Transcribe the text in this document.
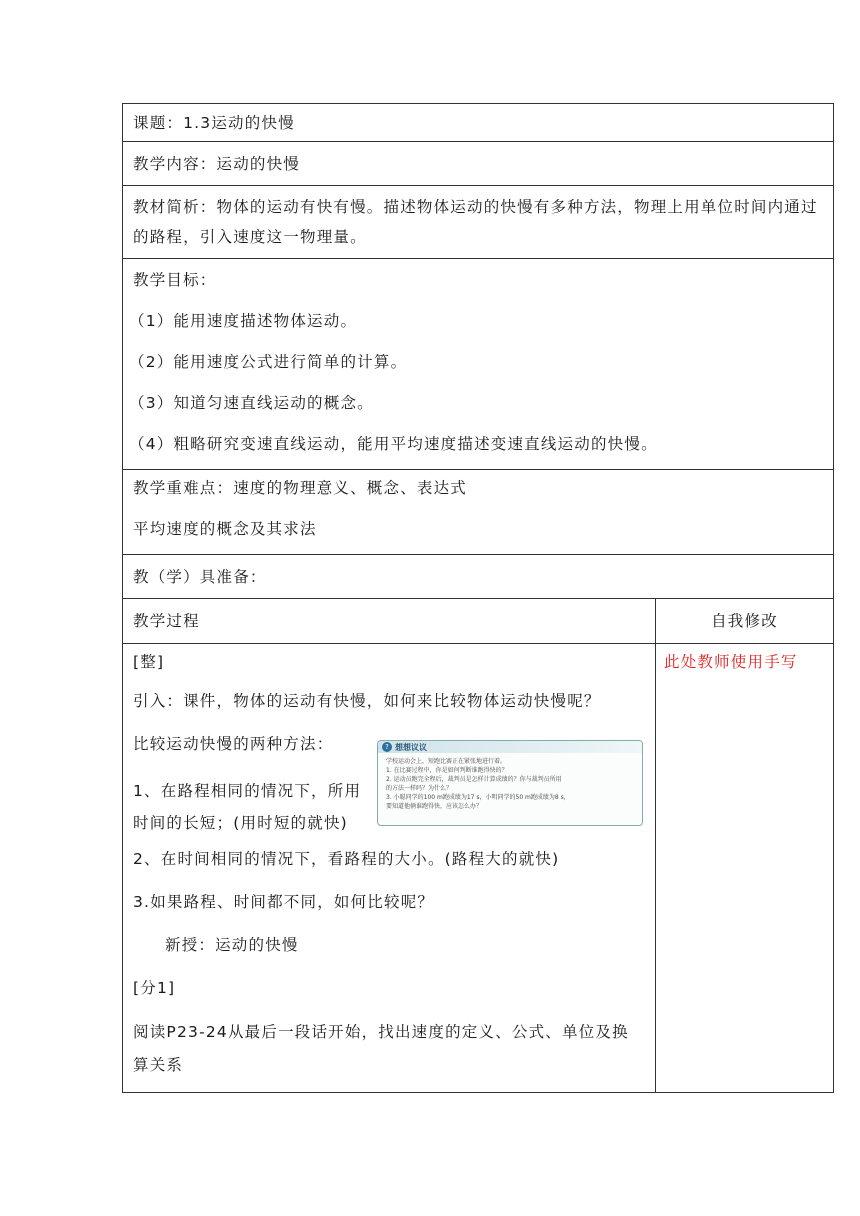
课题：1.3运动的快慢
教学内容：运动的快慢
教材简析：物体的运动有快有慢。描述物体运动的快慢有多种方法，物理上用单位时间内通过的路程，引入速度这一物理量。
教学目标：
（1）能用速度描述物体运动。
（2）能用速度公式进行简单的计算。
（3）知道匀速直线运动的概念。
（4）粗略研究变速直线运动，能用平均速度描述变速直线运动的快慢。
教学重难点：速度的物理意义、概念、表达式
平均速度的概念及其求法
教（学）具准备：
教学过程	自我修改
[整]
引入：课件，物体的运动有快慢，如何来比较物体运动快慢呢？
比较运动快慢的两种方法：
1、在路程相同的情况下，所用
时间的长短；(用时短的就快)
2、在时间相同的情况下，看路程的大小。(路程大的就快)
3.如果路程、时间都不同，如何比较呢？
新授：运动的快慢
[分1]
阅读P23-24从最后一段话开始，找出速度的定义、公式、单位及换
算关系
此处教师使用手写
? 想想议议
学校运动会上，短跑比赛正在紧张地进行着。
1. 在比赛过程中，你是如何判断谁跑得快的？
2. 运动员跑完全程后，裁判员是怎样计算成绩的？你与裁判员所用
的方法一样吗？为什么？
3. 小聪同学的100 m跑成绩为17 s，小明同学的50 m跑成绩为8 s，
要知道他俩谁跑得快，应该怎么办？
